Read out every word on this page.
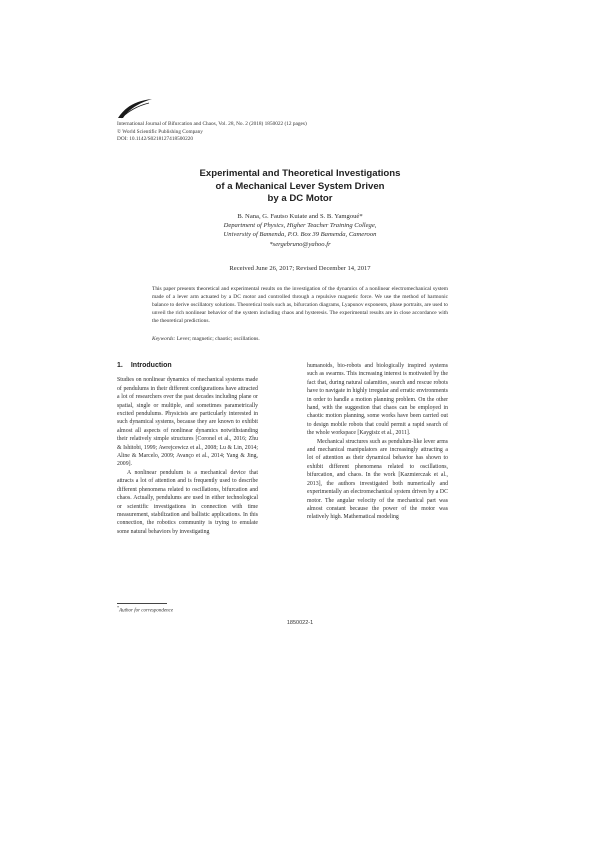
International Journal of Bifurcation and Chaos, Vol. 28, No. 2 (2018) 1850022 (12 pages)
© World Scientific Publishing Company
DOI: 10.1142/S0218127418500220
Experimental and Theoretical Investigations
of a Mechanical Lever System Driven
by a DC Motor
B. Nana, G. Fautso Kuiate and S. B. Yamgoué*
Department of Physics, Higher Teacher Training College,
University of Bamenda, P.O. Box 39 Bamenda, Cameroon
*sergebruno@yahoo.fr
Received June 26, 2017; Revised December 14, 2017
This paper presents theoretical and experimental results on the investigation of the dynamics of a nonlinear electromechanical system made of a lever arm actuated by a DC motor and controlled through a repulsive magnetic force. We use the method of harmonic balance to derive oscillatory solutions. Theoretical tools such as, bifurcation diagrams, Lyapunov exponents, phase portraits, are used to unveil the rich nonlinear behavior of the system including chaos and hysteresis. The experimental results are in close accordance with the theoretical predictions.
Keywords: Lever; magnetic; chaotic; oscillations.
1. Introduction

Studies on nonlinear dynamics of mechanical systems made of pendulums in their different configurations have attracted a lot of researchers over the past decades including plane or spatial, single or multiple, and sometimes parametrically excited pendulums. Physicists are particularly interested in such dynamical systems, because they are known to exhibit almost all aspects of nonlinear dynamics notwithstanding their relatively simple structures [Coronel et al., 2016; Zhu & Ishitobi, 1999; Awrejcewicz et al., 2008; Lu & Lin, 2014; Aline & Marcelo, 2009; Avanço et al., 2014; Yang & Jing, 2009].

A nonlinear pendulum is a mechanical device that attracts a lot of attention and is frequently used to describe different phenomena related to oscillations, bifurcation and chaos. Actually, pendulums are used in either technological or scientific investigations in connection with time measurement, stabilization and ballistic applications. In this connection, the robotics community is trying to emulate some natural behaviors by investigating

humanoids, bio-robots and biologically inspired systems such as swarms. This increasing interest is motivated by the fact that, during natural calamities, search and rescue robots have to navigate in highly irregular and erratic environments in order to handle a motion planning problem. On the other hand, with the suggestion that chaos can be employed in chaotic motion planning, some works have been carried out to design mobile robots that could permit a rapid search of the whole workspace [Kaygisiz et al., 2011].

Mechanical structures such as pendulum-like lever arms and mechanical manipulators are increasingly attracting a lot of attention as their dynamical behavior has shown to exhibit different phenomena related to oscillations, bifurcation, and chaos. In the work [Kazmierczak et al., 2013], the authors investigated both numerically and experimentally an electromechanical system driven by a DC motor. The angular velocity of the mechanical part was almost constant because the power of the motor was relatively high. Mathematical modeling

*Author for correspondence
1850022-1
